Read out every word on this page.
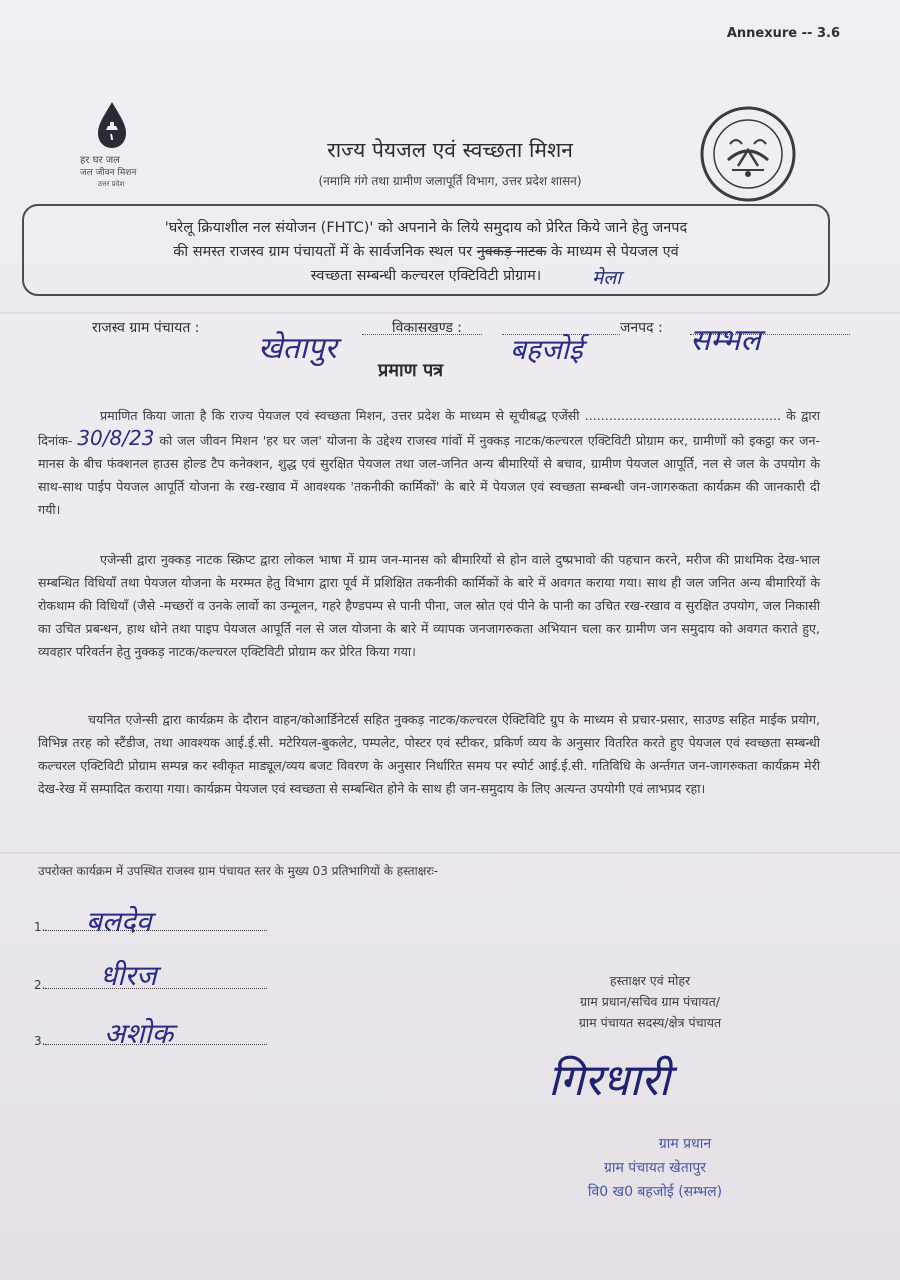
Annexure -- 3.6
हर घर जल
जल जीवन मिशन
उत्तर प्रदेश
राज्य पेयजल एवं स्वच्छता मिशन
(नमामि गंगे तथा ग्रामीण जलापूर्ति विभाग, उत्तर प्रदेश शासन)
'घरेलू क्रियाशील नल संयोजन (FHTC)' को अपनाने के लिये समुदाय को प्रेरित किये जाने हेतु जनपद
की समस्त राजस्व ग्राम पंचायतों में के सार्वजनिक स्थल पर नुक्कड़ नाटक के माध्यम से पेयजल एवं
स्वच्छता सम्बन्धी कल्चरल एक्टिविटी प्रोग्राम।	मेला
राजस्व ग्राम पंचायत :	विकासखण्ड :	जनपद :
खेतापुर	बहजोई	सम्भल
प्रमाण पत्र

प्रमाणित किया जाता है कि राज्य पेयजल एवं स्वच्छता मिशन, उत्तर प्रदेश के माध्यम से सूचीबद्ध एजेंसी ................................................. के द्वारा दिनांक- 30/8/23 को जल जीवन मिशन 'हर घर जल' योजना के उद्देश्य राजस्व गांवों में नुक्कड़ नाटक/कल्चरल एक्टिविटी प्रोग्राम कर, ग्रामीणों को इकट्ठा कर जन-मानस के बीच फंक्शनल हाउस होल्ड टैप कनेक्शन, शुद्ध एवं सुरक्षित पेयजल तथा जल-जनित अन्य बीमारियों से बचाव, ग्रामीण पेयजल आपूर्ति, नल से जल के उपयोग के साथ-साथ पाईप पेयजल आपूर्ति योजना के रख-रखाव में आवश्यक 'तकनीकी कार्मिकों' के बारे में पेयजल एवं स्वच्छता सम्बन्धी जन-जागरुकता कार्यक्रम की जानकारी दी गयी।

एजेन्सी द्वारा नुक्कड़ नाटक स्क्रिप्ट द्वारा लोकल भाषा में ग्राम जन-मानस को बीमारियों से होन वाले दुष्प्रभावो की पहचान करने, मरीज की प्राथमिक देख-भाल सम्बन्धित विधियाँ तथा पेयजल योजना के मरम्मत हेतु विभाग द्वारा पूर्व में प्रशिक्षित तकनीकी कार्मिकों के बारे में अवगत कराया गया। साथ ही जल जनित अन्य बीमारियों के रोकथाम की विधियाँ (जैसे -मच्छरों व उनके लार्वो का उन्मूलन, गहरे हैण्डपम्प से पानी पीना, जल स्रोत एवं पीने के पानी का उचित रख-रखाव व सुरक्षित उपयोग, जल निकासी का उचित प्रबन्धन, हाथ धोने तथा पाइप पेयजल आपूर्ति नल से जल योजना के बारे में व्यापक जनजागरुकता अभियान चला कर ग्रामीण जन समुदाय को अवगत कराते हुए, व्यवहार परिवर्तन हेतु नुक्कड़ नाटक/कल्चरल एक्टिविटी प्रोग्राम कर प्रेरित किया गया।

चयनित एजेन्सी द्वारा कार्यक्रम के दौरान वाहन/कोआर्डिनेटर्स सहित नुक्कड़ नाटक/कल्चरल ऐक्टिविटि ग्रुप के माध्यम से प्रचार-प्रसार, साउण्ड सहित माईक प्रयोग, विभिन्न तरह को स्टैंडीज, तथा आवश्यक आई.ई.सी. मटेरियल-बुकलेट, पम्पलेट, पोस्टर एवं स्टीकर, प्रकिर्ण व्यय के अनुसार वितरित करते हुए पेयजल एवं स्वच्छता सम्बन्धी कल्चरल एक्टिविटी प्रोग्राम सम्पन्न कर स्वीकृत माड्यूल/व्यय बजट विवरण के अनुसार निर्धारित समय पर स्पोर्ट आई.ई.सी. गतिविधि के अर्न्तगत जन-जागरुकता कार्यक्रम मेरी देख-रेख में सम्पादित कराया गया। कार्यक्रम पेयजल एवं स्वच्छता से सम्बन्धित होने के साथ ही जन-समुदाय के लिए अत्यन्त उपयोगी एवं लाभप्रद रहा।

उपरोक्त कार्यक्रम में उपस्थित राजस्व ग्राम पंचायत स्तर के मुख्य 03 प्रतिभागियों के हस्ताक्षरः-
1.	बलदेव
2.	धीरज
3.	अशोक
हस्ताक्षर एवं मोहर
ग्राम प्रधान/सचिव ग्राम पंचायत/
ग्राम पंचायत सदस्य/क्षेत्र पंचायत
गिरधारी
ग्राम प्रधान
ग्राम पंचायत खेतापुर
वि0 ख0 बहजोई (सम्भल)
